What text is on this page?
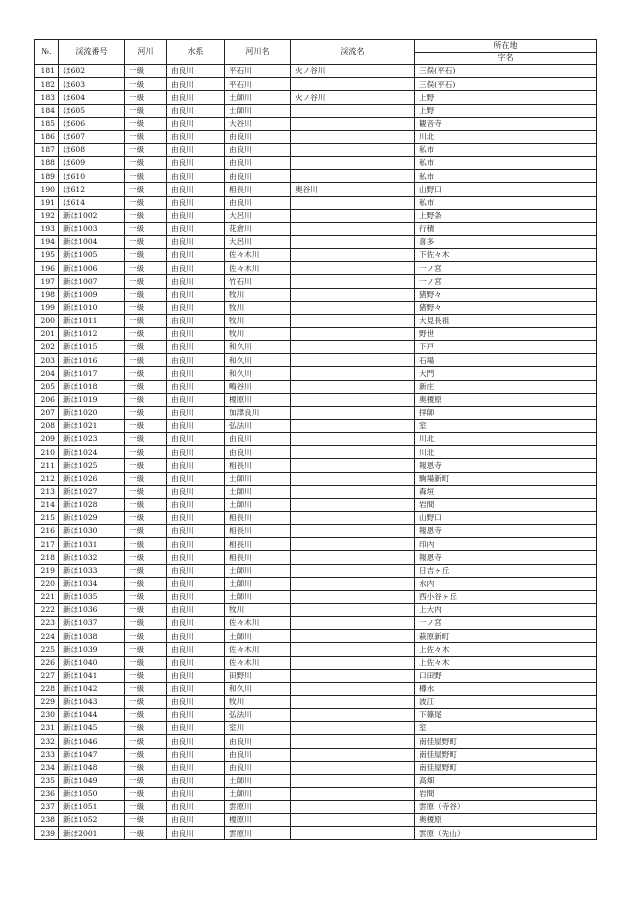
№.	渓流番号	河川	水系	河川名	渓流名	所在地
						字名
181	ほ602	一級	由良川	平石川	火ノ谷川	三俣(平石)
182	ほ603	一級	由良川	平石川		三俣(平石)
183	ほ604	一級	由良川	土師川	火ノ谷川	上野
184	ほ605	一級	由良川	土師川		上野
185	ほ606	一級	由良川	大谷川		観音寺
186	ほ607	一級	由良川	由良川		川北
187	ほ608	一級	由良川	由良川		私市
188	ほ609	一級	由良川	由良川		私市
189	ほ610	一級	由良川	由良川		私市
190	ほ612	一級	由良川	相長川	奥谷川	山野口
191	ほ614	一級	由良川	由良川		私市
192	新ほ1002	一級	由良川	大呂川		上野条
193	新ほ1003	一級	由良川	花倉川		行積
194	新ほ1004	一級	由良川	大呂川		喜多
195	新ほ1005	一級	由良川	佐々木川		下佐々木
196	新ほ1006	一級	由良川	佐々木川		一ノ宮
197	新ほ1007	一級	由良川	竹石川		一ノ宮
198	新ほ1009	一級	由良川	牧川		猪野々
199	新ほ1010	一級	由良川	牧川		猪野々
200	新ほ1011	一級	由良川	牧川		大見長祖
201	新ほ1012	一級	由良川	牧川		野世
202	新ほ1015	一級	由良川	和久川		下戸
203	新ほ1016	一級	由良川	和久川		石場
204	新ほ1017	一級	由良川	和久川		大門
205	新ほ1018	一級	由良川	鴫谷川		新庄
206	新ほ1019	一級	由良川	榎原川		奥榎原
207	新ほ1020	一級	由良川	加津良川		拝師
208	新ほ1021	一級	由良川	弘法川		室
209	新ほ1023	一級	由良川	由良川		川北
210	新ほ1024	一級	由良川	由良川		川北
211	新ほ1025	一級	由良川	相長川		報恩寺
212	新ほ1026	一級	由良川	土師川		駒場新町
213	新ほ1027	一級	由良川	土師川		森垣
214	新ほ1028	一級	由良川	土師川		岩間
215	新ほ1029	一級	由良川	相長川		山野口
216	新ほ1030	一級	由良川	相長川		報恩寺
217	新ほ1031	一級	由良川	相長川		印内
218	新ほ1032	一級	由良川	相長川		報恩寺
219	新ほ1033	一級	由良川	土師川		日吉ヶ丘
220	新ほ1034	一級	由良川	土師川		水内
221	新ほ1035	一級	由良川	土師川		西小谷ヶ丘
222	新ほ1036	一級	由良川	牧川		上大内
223	新ほ1037	一級	由良川	佐々木川		一ノ宮
224	新ほ1038	一級	由良川	土師川		萩原新町
225	新ほ1039	一級	由良川	佐々木川		上佐々木
226	新ほ1040	一級	由良川	佐々木川		上佐々木
227	新ほ1041	一級	由良川	田野川		口田野
228	新ほ1042	一級	由良川	和久川		樽水
229	新ほ1043	一級	由良川	牧川		波江
230	新ほ1044	一級	由良川	弘法川		下篠尾
231	新ほ1045	一級	由良川	室川		室
232	新ほ1046	一級	由良川	由良川		南佳屋野町
233	新ほ1047	一級	由良川	由良川		南佳屋野町
234	新ほ1048	一級	由良川	由良川		南佳屋野町
235	新ほ1049	一級	由良川	土師川		高畑
236	新ほ1050	一級	由良川	土師川		岩間
237	新ほ1051	一級	由良川	雲原川		雲原（寺谷）
238	新ほ1052	一級	由良川	榎原川		奥榎原
239	新ほ2001	一級	由良川	雲原川		雲原（先山）
